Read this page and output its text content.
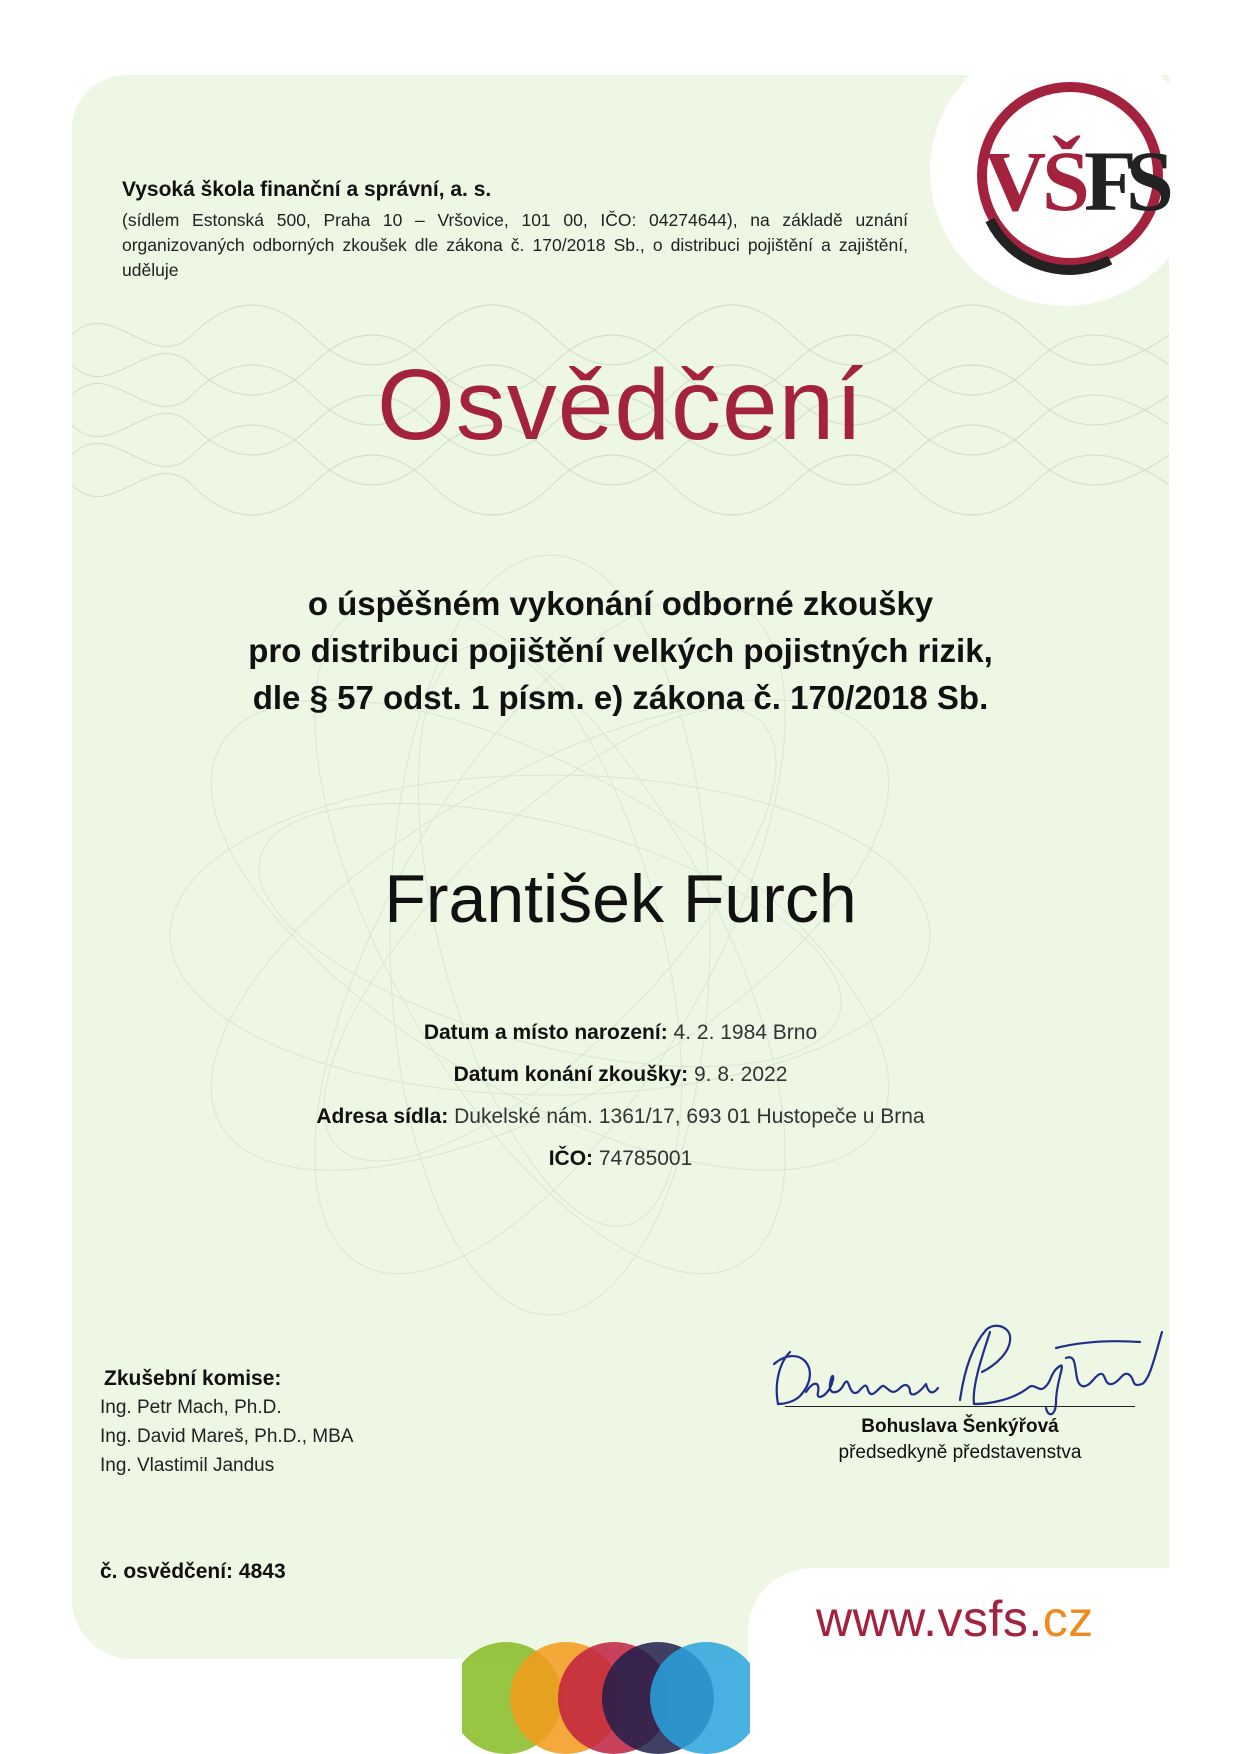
V
Š
F
S

Vysoká škola finanční a správní, a. s.

(sídlem Estonská 500, Praha 10 – Vršovice, 101 00, IČO: 04274644), na základě uznání organizovaných odborných zkoušek dle zákona č. 170/2018 Sb., o distribuci pojištění a zajištění, uděluje

Osvědčení
o úspěšném vykonání odborné zkoušky
pro distribuci pojištění velkých pojistných rizik,
dle § 57 odst. 1 písm. e) zákona č. 170/2018 Sb.
František Furch
Datum a místo narození: 4. 2. 1984 Brno
Datum konání zkoušky: 9. 8. 2022
Adresa sídla: Dukelské nám. 1361/17, 693 01 Hustopeče u Brna
IČO: 74785001
Zkušební komise:
Ing. Petr Mach, Ph.D.
Ing. David Mareš, Ph.D., MBA
Ing. Vlastimil Jandus
Bohuslava Šenkýřová
předsedkyně představenstva
č. osvědčení: 4843
www.vsfs.cz
